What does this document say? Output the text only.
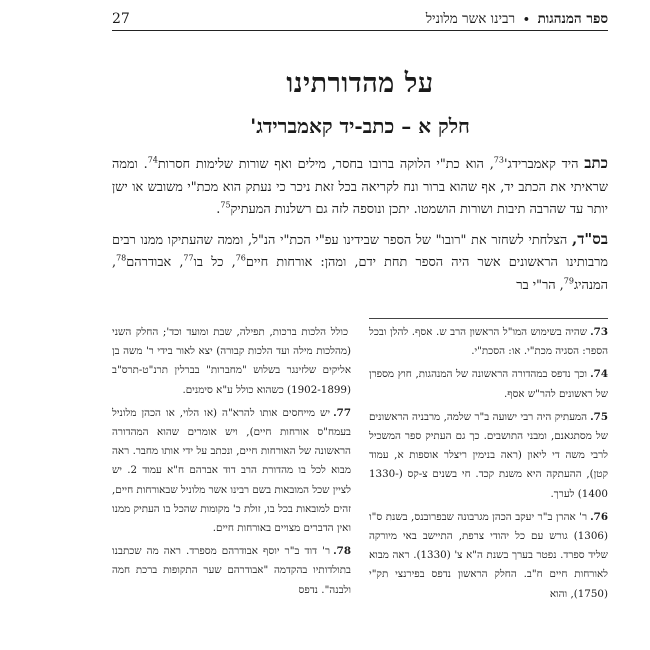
ספר המנהגות • רבינו אשר מלוניל
27
על מהדורתינו
חלק א – כתב-יד קאמברידג'

כתב היד $קאמברידג'^{73}$, הוא כת"י הלוקה ברובו בחסר, מילים ואף שורות שלימות חסרות$^{74}$. וממה שראיתי את הכתב יד, אף שהוא ברור ונח לקריאה בכל זאת ניכר כי נעתק הוא מכת"י משובש או ישן יותר עד שהרבה תיבות ושורות הושמטו. יתכן ונוספה לזה גם רשלנות המעתיק$^{75}$.

בס"ד, הצלחתי לשחזר את "רובו" של הספר שבידינו עפ"י הכת"י הנ"ל, וממה שהעתיקו ממנו רבים מרבותינו הראשונים אשר היה הספר תחת ידם, ומהן: אורחות חיים$^{76}$, כל בו$^{77}$, אבודרהם$^{78}$, המנהיג$^{79}$, הר"י בר

73.שהיה בשימוש המו"ל הראשון הרב ש. אסף. להלן ובכל הספר: הסגיה מכת"י. או: הסכת"י.

74.וכך נדפס במהדורה הראשונה של המנהגות, חוץ מספרן של ראשונים להר"ש אסף.

75.המעתיק היה רבי ישועה ב"ר שלמה, מרבניה הראשונים של מסתגאנם, ומבני התושבים. כך גם העתיק ספר המשכיל לרבי משה די ליאון (ראה בנימין ריצלר אוספות א, עמוד קטן), ההעתקה היא משנת קכד. חי בשנים צ-קס (1330-1400) לערך.

76.ר' אהרן ב"ר יעקב הכהן מגרבונה שבפרובנס, בשנת ס"ו (1306) גורש עם כל יהודי צרפת, התיישב באי מיורקה שליד ספרד. נפטר בערך בשנת ה"א צ' (1330). ראה מבוא לאורחות חיים ח"ב. החלק הראשון נדפס בפירנצי תק"י (1750), והוא

כולל הלכות ברכות, תפילה, שבת ומועד וכד'; החלק השני (מהלכות מילה ועד הלכות קבורה) יצא לאור בידי ר' משה בן אליקים שלזינגר בשלוש "מחברות" בברלין תרנ"ט-תרס"ב (1902-1899) כשהוא כולל ע"א סימנים.

77.יש מייחסים אותו להרא"ה (או הלוי, או הכהן מלוניל בעמח"ס אורחות חיים), ויש אומרים שהוא המהדורה הראשונה של האורחות חיים, ונכתב על ידי אותו מחבר. ראה מבוא לכל בו מהדורת הרב דוד אברהם ח"א עמוד 2. יש לציין שכל המובאות בשם רבינו אשר מלוניל שבאורחות חיים, זהים למובאות בכל בו, זולת כ' מקומות שהכל בו העתיק ממנו ואין הדברים מצויים באורחות חיים.

78.ר' דוד ב"ר יוסף אבודרהם מספרד. ראה מה שכתבנו בתולדותיו בהקדמה "אבודרהם שער התקופות ברכת חמה ולבנה". נדפס
